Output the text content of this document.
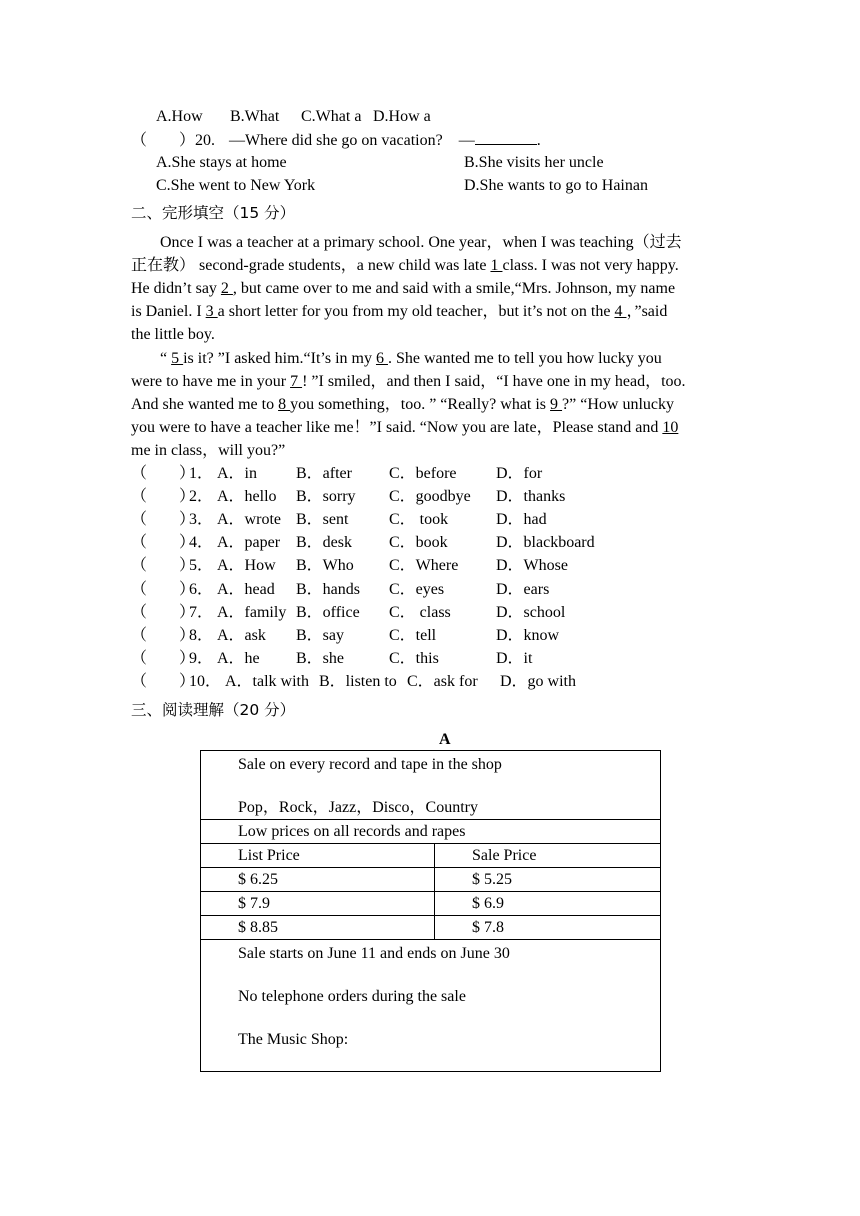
A.How B.What C.What a D.How a
（　　）20. —Where did she go on vacation?　—	.
A.She stays at home	B.She visits her uncle
C.She went to New York	D.She wants to go to Hainan
二、完形填空（15 分）
Once I was a teacher at a primary school. One year，when I was teaching（过去
正在教） second-grade students，a new child was late 1 class. I was not very happy.
He didn’t say 2 , but came over to me and said with a smile,“Mrs. Johnson, my name
is Daniel. I 3 a short letter for you from my old teacher，but it’s not on the 4 ，”said
the little boy.
“ 5 is it? ”I asked him.“It’s in my 6 . She wanted me to tell you how lucky you
were to have me in your 7 ! ”I smiled，and then I said，“I have one in my head，too.
And she wanted me to 8 you something，too. ” “Really? what is 9 ?” “How unlucky
you were to have a teacher like me！”I said. “Now you are late，Please stand and 10
me in class，will you?”
（　　）
1． A．in B．after C．before D．for
（　　）
2． A．hello B．sorry C．goodbye D．thanks
（　　）
3． A．wrote B．sent	C． took	D．had
（　　）
4． A．paper B．desk C．book	D．blackboard
（　　）
5． A．How B．Who C．Where D．Whose
（　　）
6． A．head B．hands C．eyes	D．ears
（　　）
7． A．family B．office C． class	D．school
（　　）
8． A．ask B．say	C．tell	D．know
（　　）
9． A．he B．she	C．this	D．it
（　　）
10． A．talk with B．listen to C．ask for D．go with
三、阅读理解（20 分）
A
Sale on every record and tape in the shop
Pop，Rock，Jazz，Disco，Country	

Low prices on all records and rapes	
List Price	Sale Price
$ 6.25	$ 5.25
$ 7.9	$ 6.9
$ 8.85	$ 7.8

Sale starts on June 11 and ends on June 30
No telephone orders during the sale
The Music Shop:	
